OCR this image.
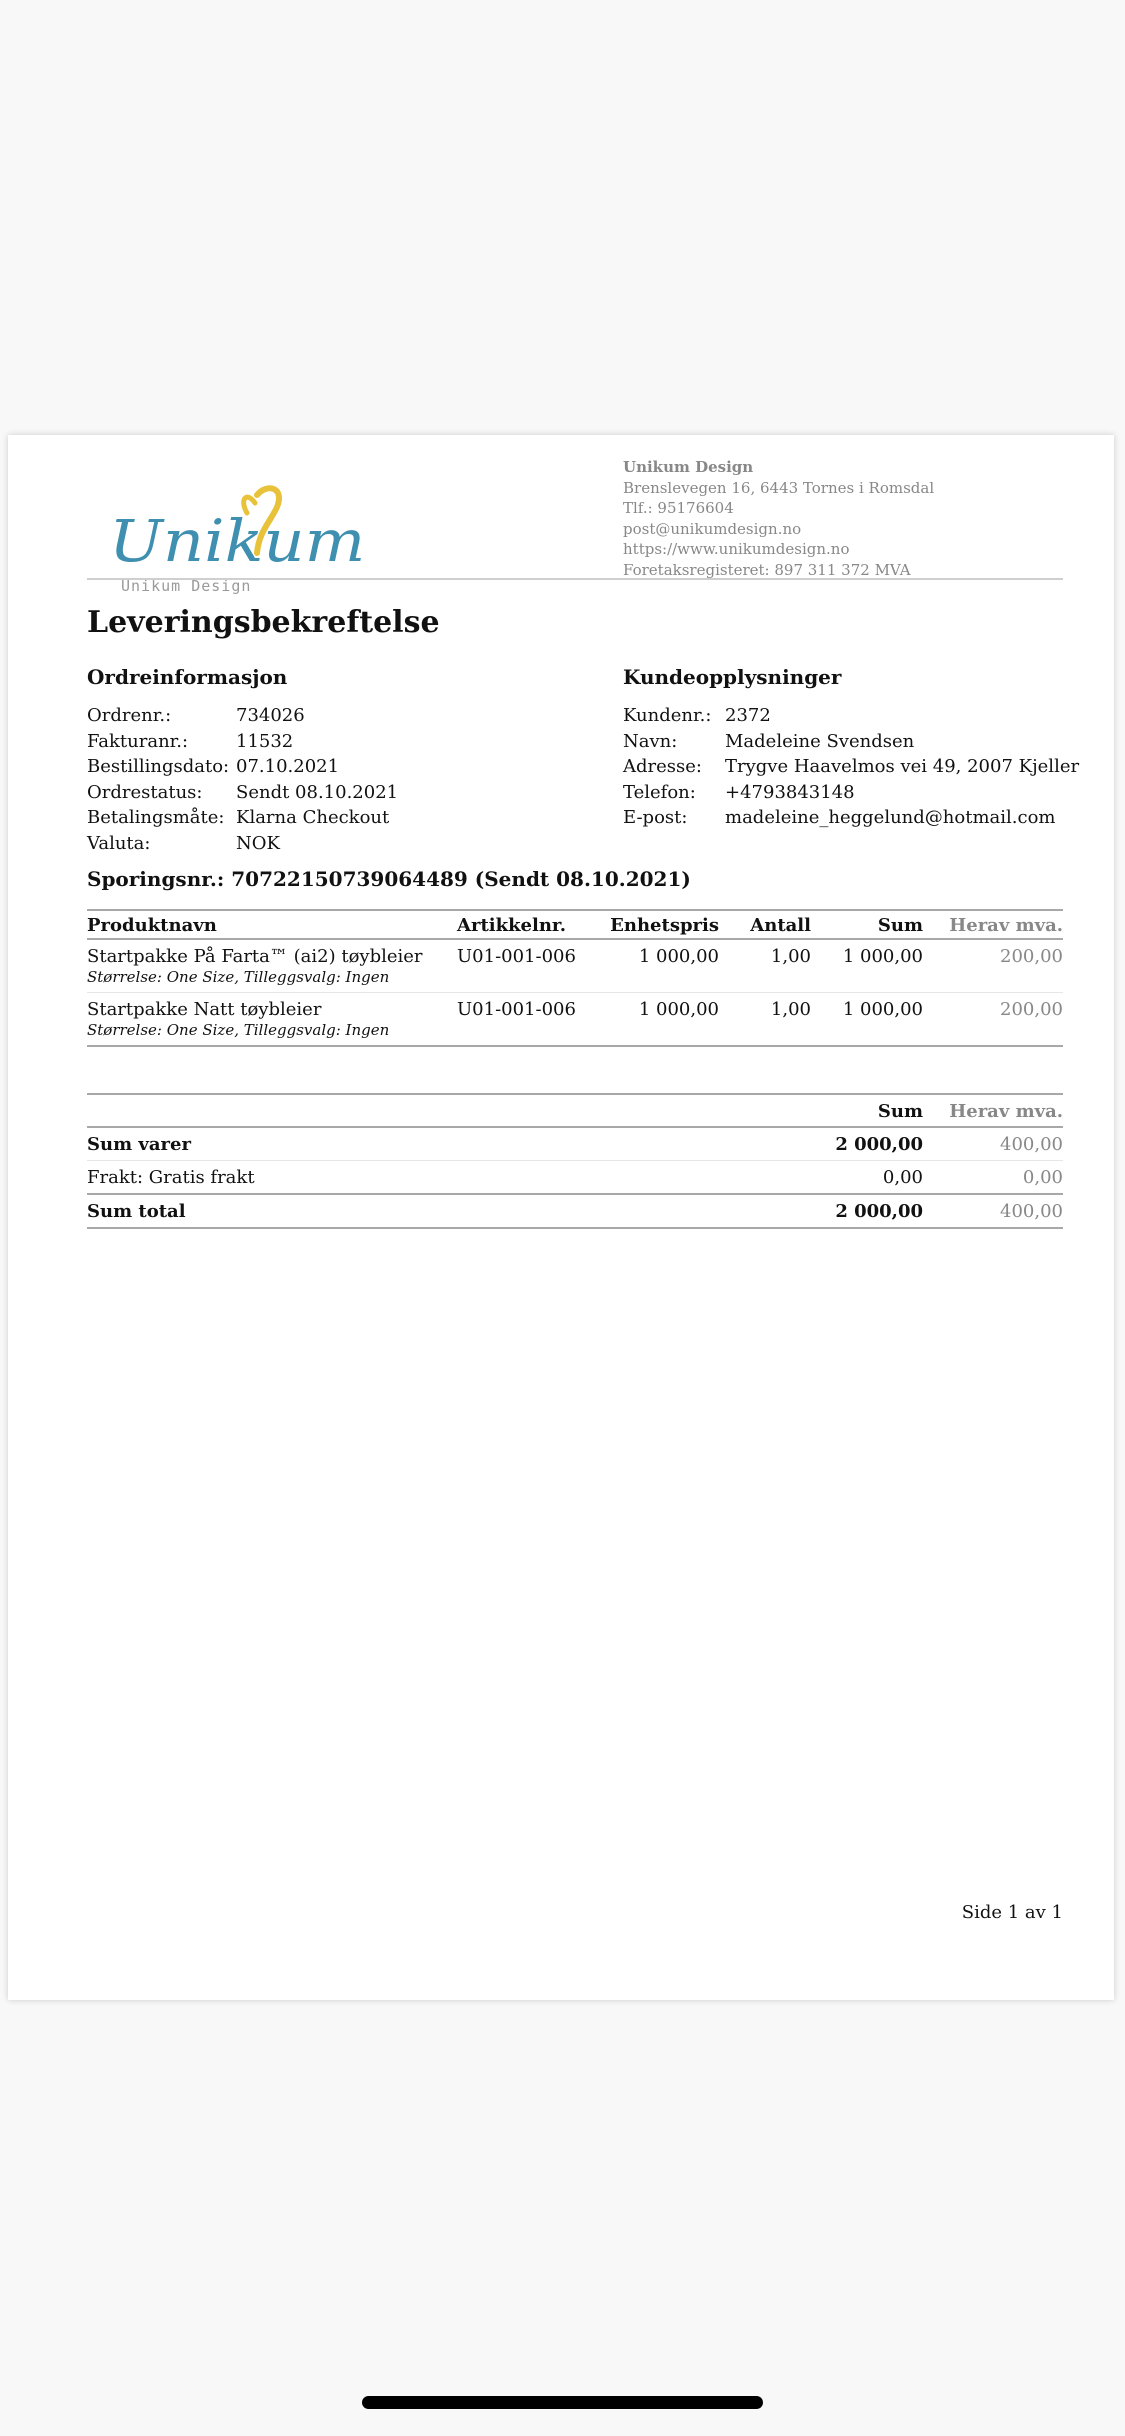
Unikum
Unikum Design
Unikum Design
Brenslevegen 16, 6443 Tornes i Romsdal
Tlf.: 95176604
post@unikumdesign.no
https://www.unikumdesign.no
Foretaksregisteret: 897 311 372 MVA
Leveringsbekreftelse
Ordreinformasjon	Kundeopplysninger
Ordrenr.:	734026
Fakturanr.:	11532
Bestillingsdato: 07.10.2021
Ordrestatus:	Sendt 08.10.2021
Betalingsmåte: Klarna Checkout
Valuta:	NOK
Kundenr.: 2372
Navn:	Madeleine Svendsen
Adresse:	Trygve Haavelmos vei 49, 2007 Kjeller
Telefon:	+4793843148
E-post:	madeleine_heggelund@hotmail.com
Sporingsnr.: 70722150739064489 (Sendt 08.10.2021)
Produktnavn	Artikkelnr.	Enhetspris	Antall	Sum	Herav mva.
Startpakke På Farta™ (ai2) tøybleier
Størrelse: One Size, Tilleggsvalg: Ingen	U01-001-006	1 000,00	1,00	1 000,00	200,00
Startpakke Natt tøybleier
Størrelse: One Size, Tilleggsvalg: Ingen	U01-001-006	1 000,00	1,00	1 000,00	200,00
	Sum	Herav mva.
Sum varer	2 000,00	400,00
Frakt: Gratis frakt	0,00	0,00
Sum total	2 000,00	400,00
Side 1 av 1
